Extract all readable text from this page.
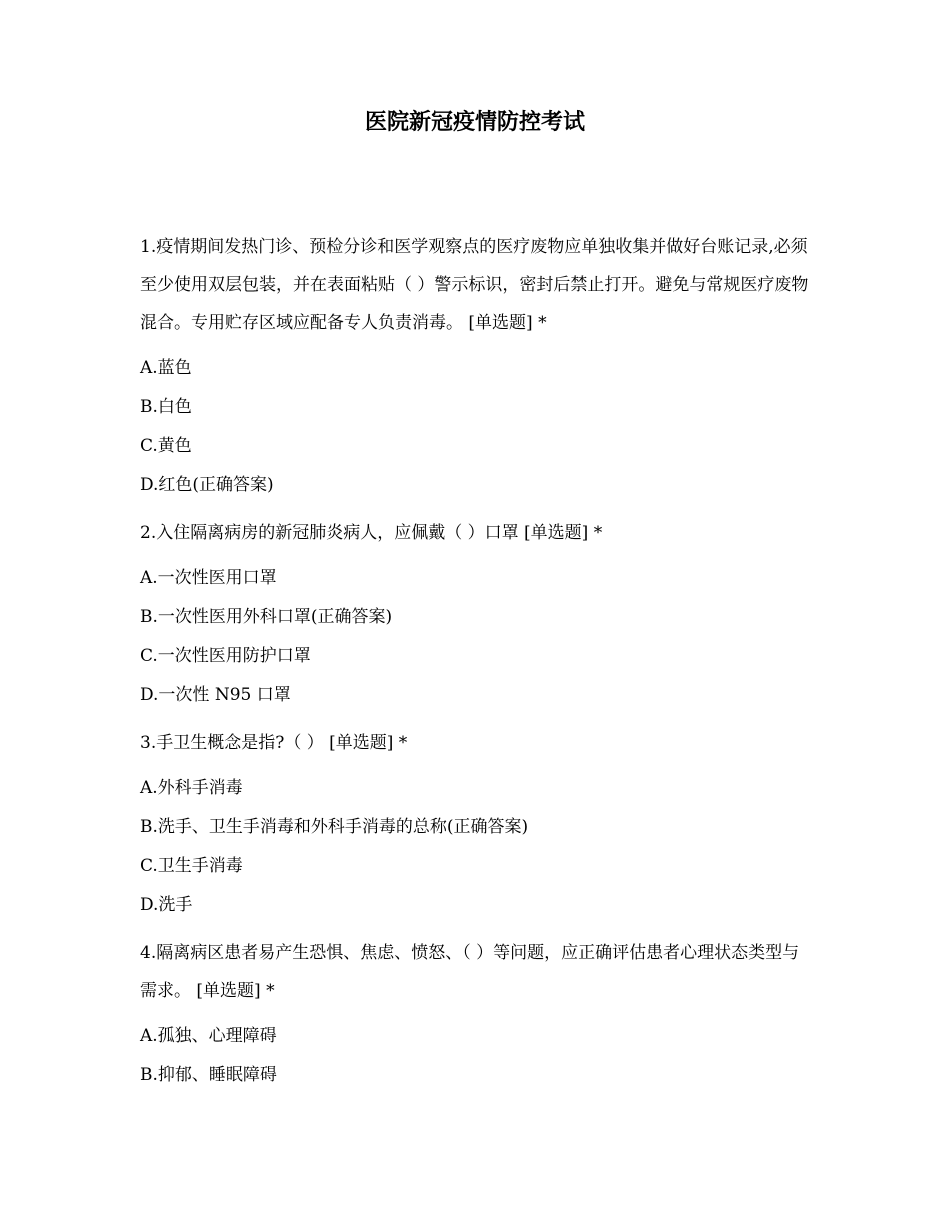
医院新冠疫情防控考试

1.疫情期间发热门诊、预检分诊和医学观察点的医疗废物应单独收集并做好台账记录,必须至少使用双层包装，并在表面粘贴（ ）警示标识，密封后禁止打开。避免与常规医疗废物混合。专用贮存区域应配备专人负责消毒。 [单选题] *

A.蓝色

B.白色

C.黄色

D.红色(正确答案)

2.入住隔离病房的新冠肺炎病人，应佩戴（ ）口罩 [单选题] *

A.一次性医用口罩

B.一次性医用外科口罩(正确答案)

C.一次性医用防护口罩

D.一次性 N95 口罩

3.手卫生概念是指?（ ） [单选题] *

A.外科手消毒

B.洗手、卫生手消毒和外科手消毒的总称(正确答案)

C.卫生手消毒

D.洗手

4.隔离病区患者易产生恐惧、焦虑、愤怒、（ ）等问题，应正确评估患者心理状态类型与需求。 [单选题] *

A.孤独、心理障碍

B.抑郁、睡眠障碍
